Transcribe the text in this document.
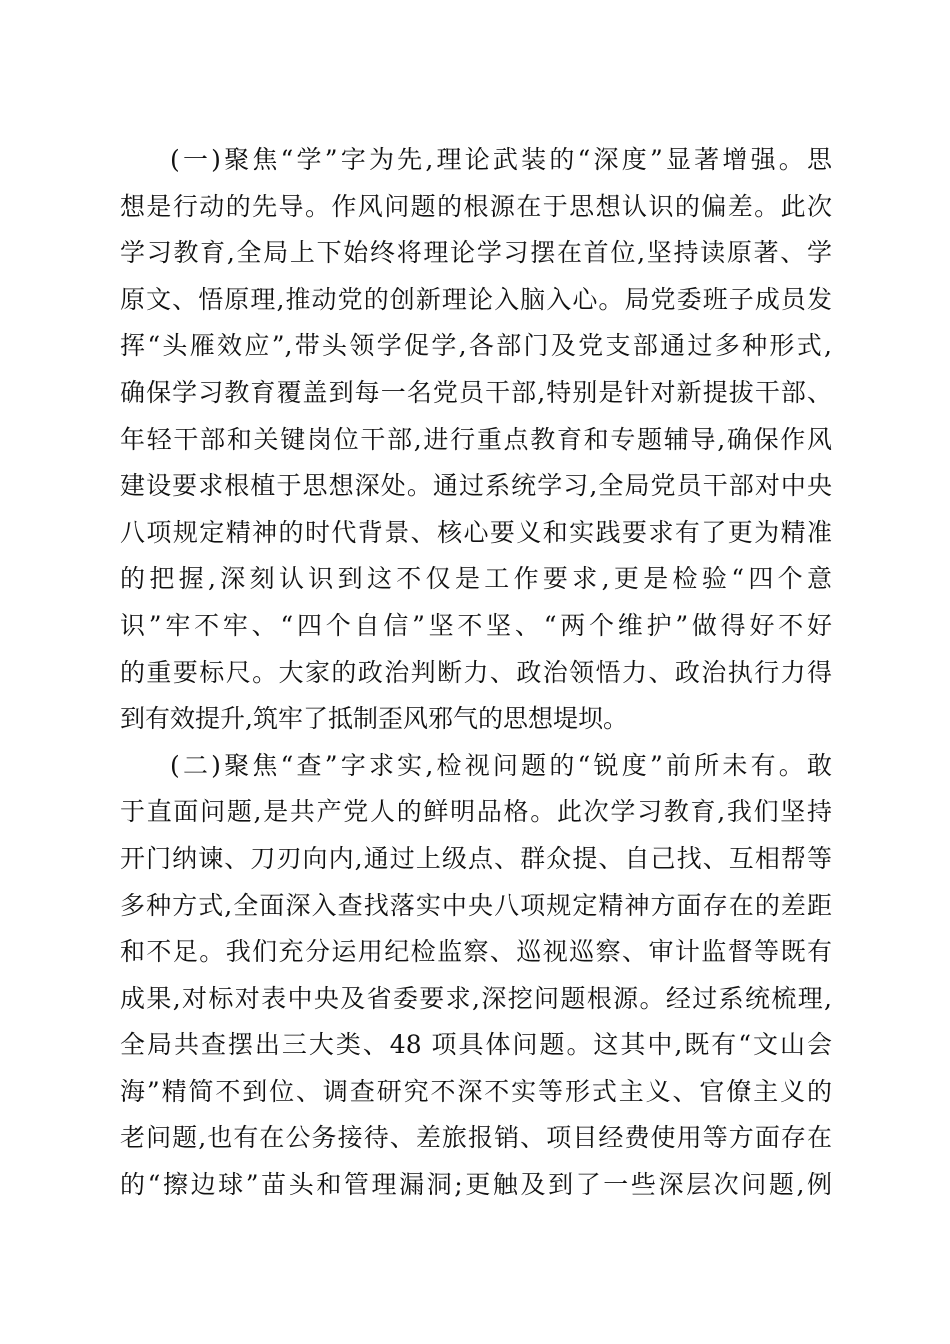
(一)聚焦“学”字为先,理论武装的“深度”显著增强。思
想是行动的先导。作风问题的根源在于思想认识的偏差。此次
学习教育,全局上下始终将理论学习摆在首位,坚持读原著、学
原文、悟原理,推动党的创新理论入脑入心。局党委班子成员发
挥“头雁效应”,带头领学促学,各部门及党支部通过多种形式,
确保学习教育覆盖到每一名党员干部,特别是针对新提拔干部、
年轻干部和关键岗位干部,进行重点教育和专题辅导,确保作风
建设要求根植于思想深处。通过系统学习,全局党员干部对中央
八项规定精神的时代背景、核心要义和实践要求有了更为精准
的把握,深刻认识到这不仅是工作要求,更是检验“四个意
识”牢不牢、“四个自信”坚不坚、“两个维护”做得好不好
的重要标尺。大家的政治判断力、政治领悟力、政治执行力得
到有效提升,筑牢了抵制歪风邪气的思想堤坝。
(二)聚焦“查”字求实,检视问题的“锐度”前所未有。敢
于直面问题,是共产党人的鲜明品格。此次学习教育,我们坚持
开门纳谏、刀刃向内,通过上级点、群众提、自己找、互相帮等
多种方式,全面深入查找落实中央八项规定精神方面存在的差距
和不足。我们充分运用纪检监察、巡视巡察、审计监督等既有
成果,对标对表中央及省委要求,深挖问题根源。经过系统梳理,
全局共查摆出三大类、48 项具体问题。这其中,既有“文山会
海”精简不到位、调查研究不深不实等形式主义、官僚主义的
老问题,也有在公务接待、差旅报销、项目经费使用等方面存在
的“擦边球”苗头和管理漏洞;更触及到了一些深层次问题,例
